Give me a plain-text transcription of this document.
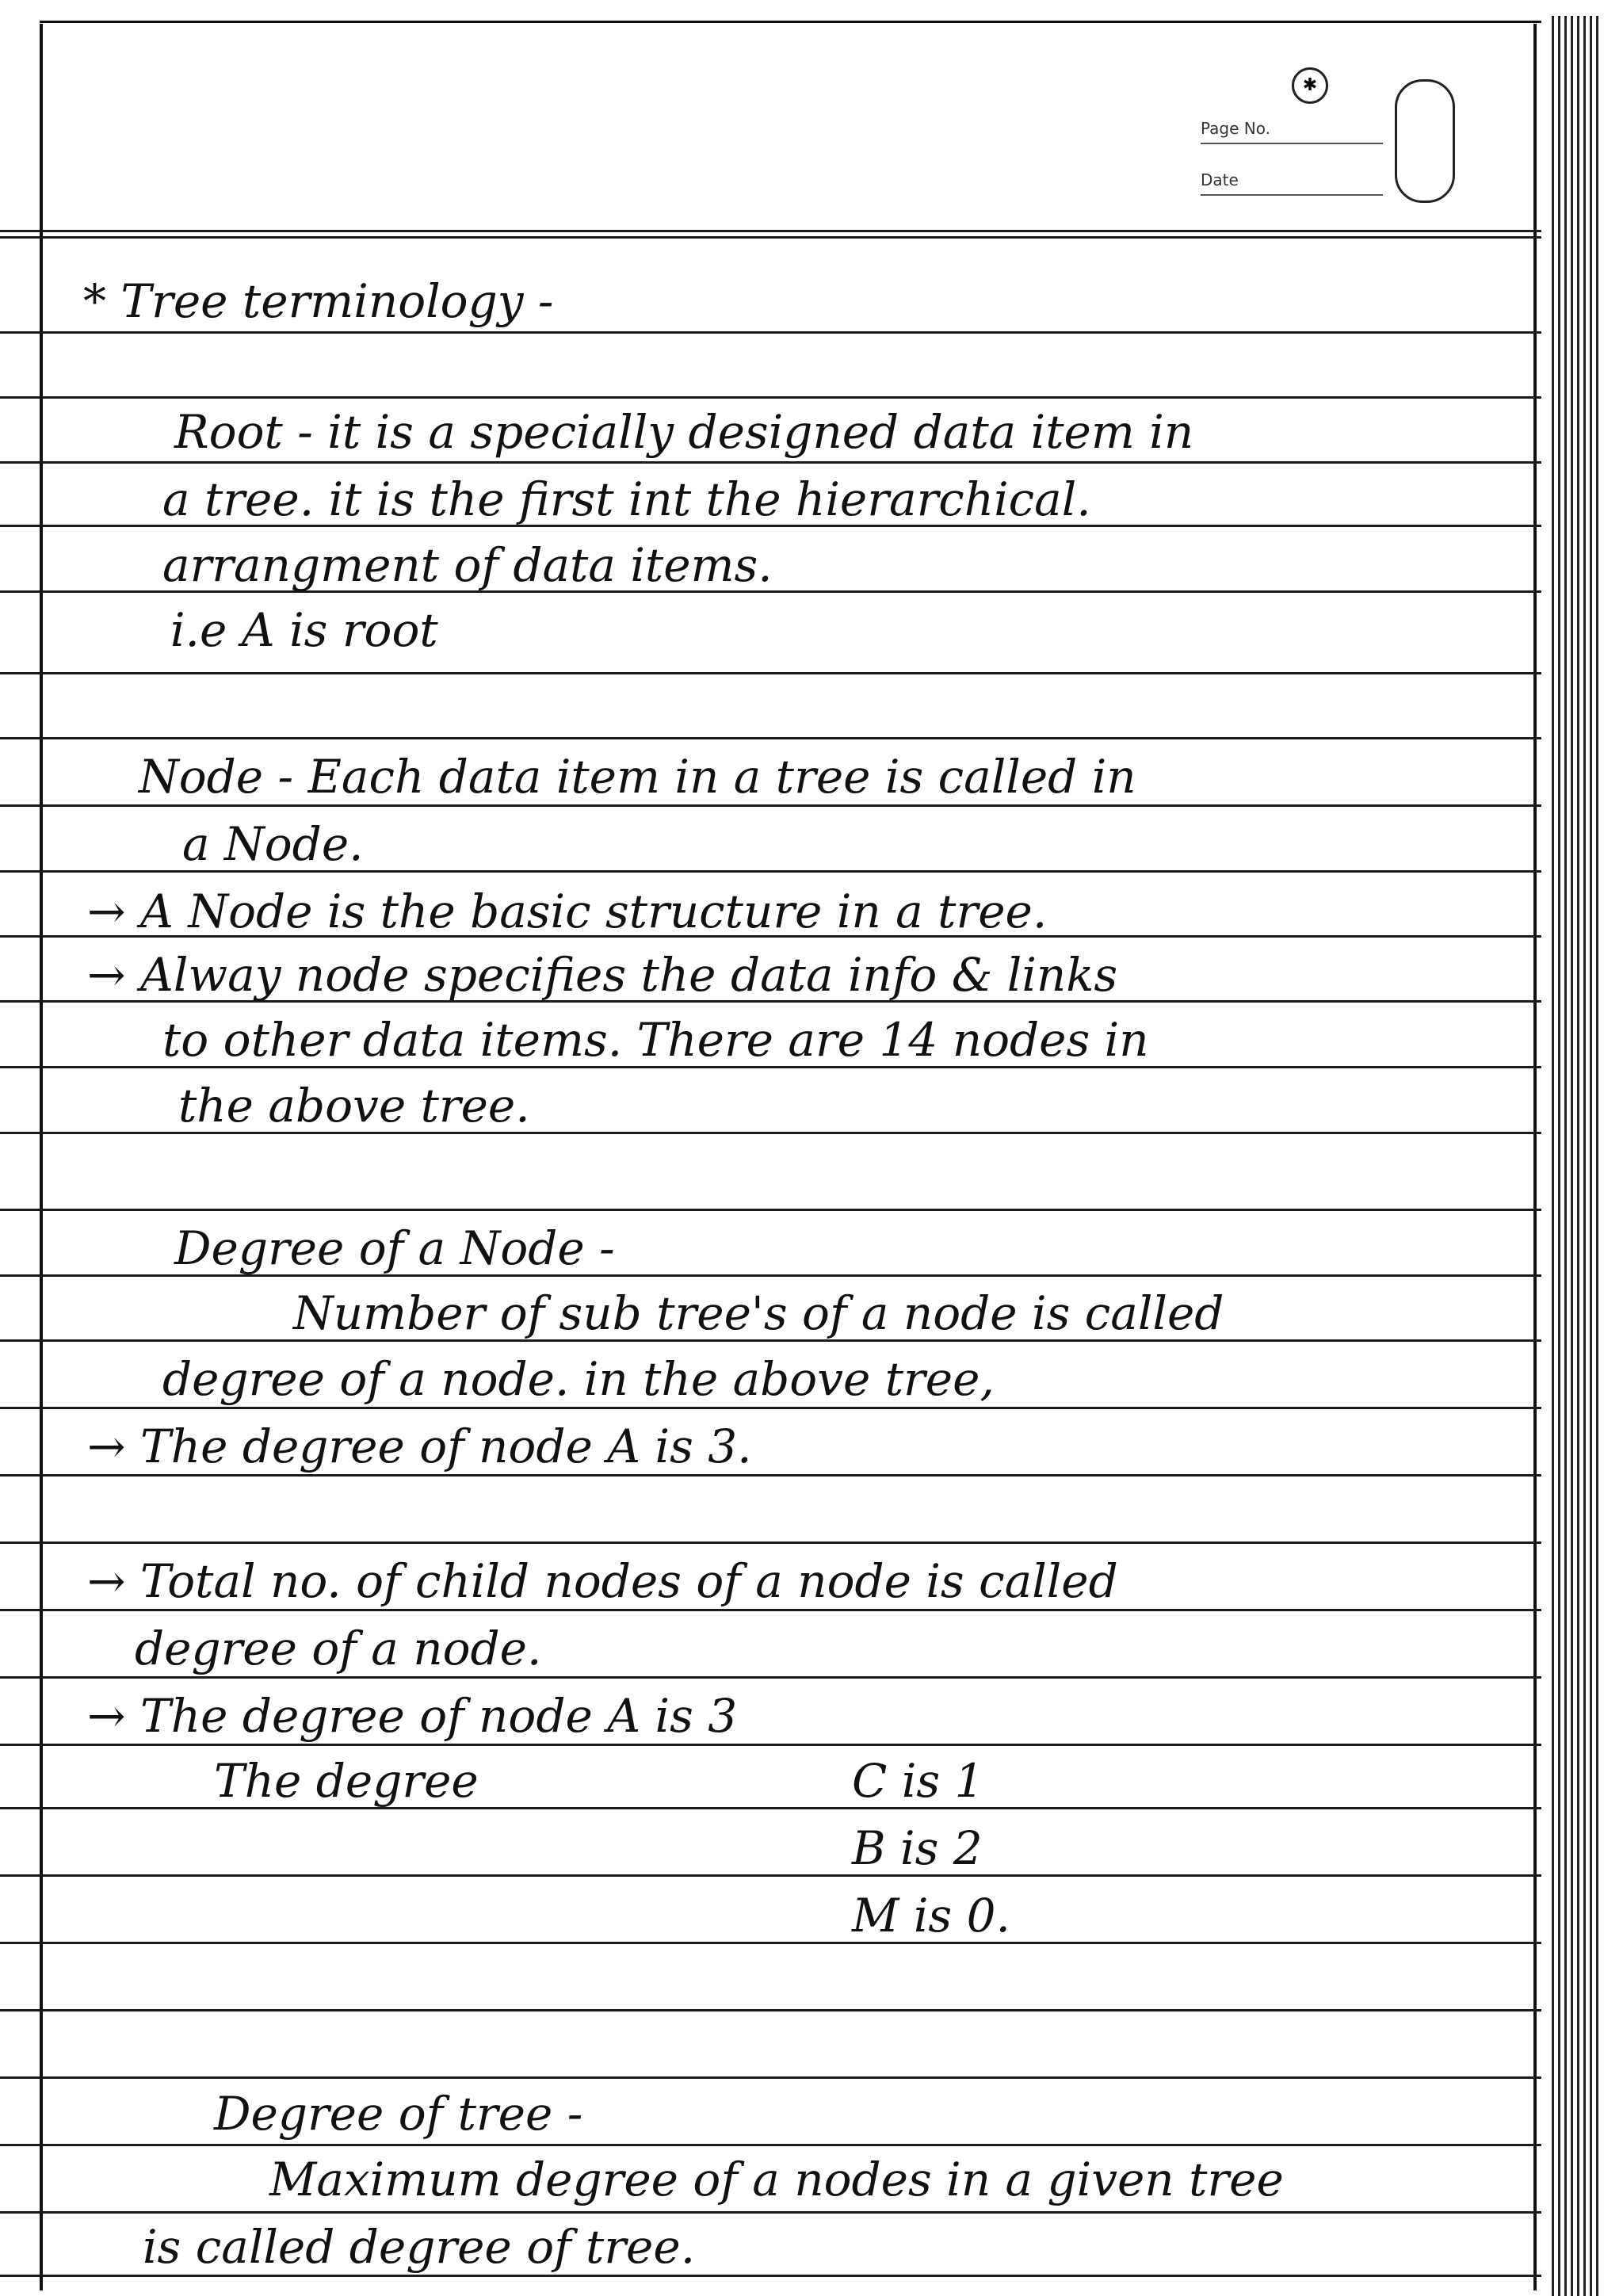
✱
Page No.
Date
* Tree terminology -
Root - it is a specially designed data item in
a tree. it is the first int the hierarchical.
arrangment of data items.
i.e A is root
Node - Each data item in a tree is called in
a Node.
→ A Node is the basic structure in a tree.
→ Alway node specifies the data info & links
to other data items. There are 14 nodes in
the above tree.
Degree of a Node -
Number of sub tree's of a node is called
degree of a node. in the above tree,
→ The degree of node A is 3.
→ Total no. of child nodes of a node is called
degree of a node.
→ The degree of node A is 3
The degree	C is 1
B is 2
M is 0.
Degree of tree -
Maximum degree of a nodes in a given tree
is called degree of tree.
